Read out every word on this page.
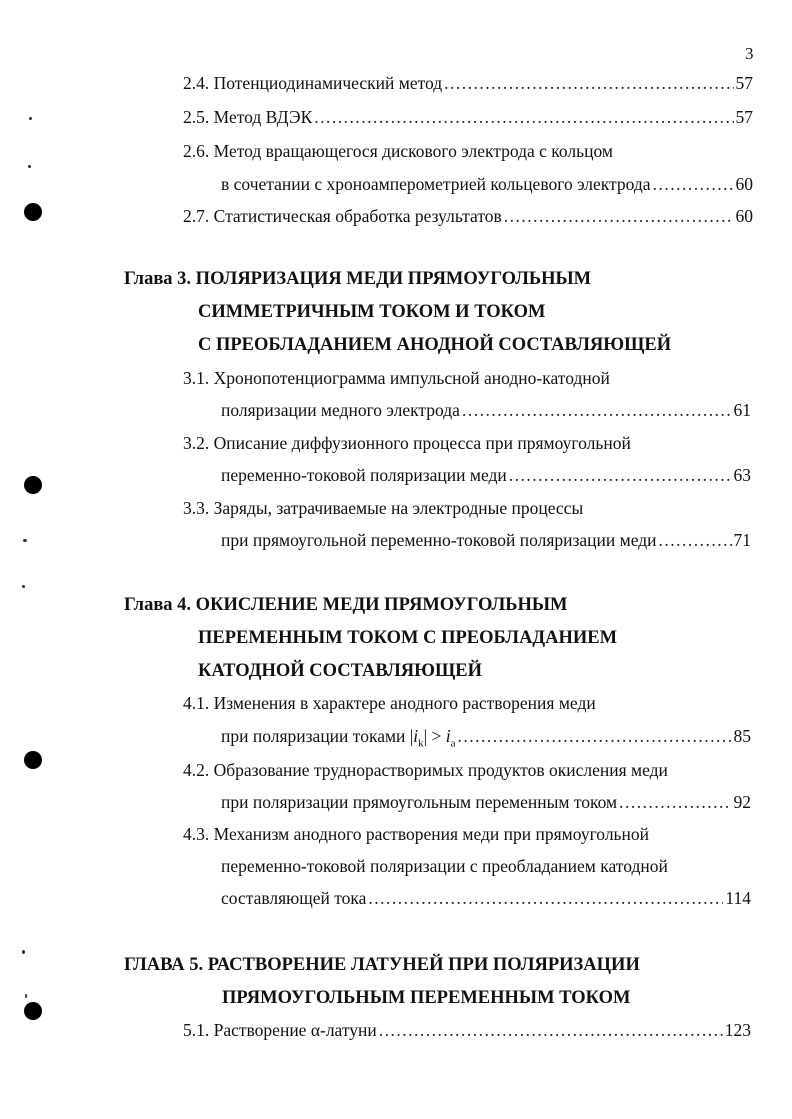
3
2.4. Потенциодинамический метод .....	57
2.5. Метод ВДЭК .....	57
2.6. Метод вращающегося дискового электрода с кольцом
в сочетании с хроноамперометрией кольцевого электрода .....	60
2.7. Статистическая обработка результатов .....	60
Глава 3. ПОЛЯРИЗАЦИЯ МЕДИ ПРЯМОУГОЛЬНЫМ
СИММЕТРИЧНЫМ ТОКОМ И ТОКОМ
С ПРЕОБЛАДАНИЕМ АНОДНОЙ СОСТАВЛЯЮЩЕЙ
3.1. Хронопотенциограмма импульсной анодно-катодной
поляризации медного электрода .....	61
3.2. Описание диффузионного процесса при прямоугольной
переменно-токовой поляризации меди .....	63
3.3. Заряды, затрачиваемые на электродные процессы
при прямоугольной переменно-токовой поляризации меди .....	71
Глава 4. ОКИСЛЕНИЕ МЕДИ ПРЯМОУГОЛЬНЫМ
ПЕРЕМЕННЫМ ТОКОМ С ПРЕОБЛАДАНИЕМ
КАТОДНОЙ СОСТАВЛЯЮЩЕЙ
4.1. Изменения в характере анодного растворения меди
при поляризации токами $|i_k| > i_a$ .....	85
4.2. Образование труднорастворимых продуктов окисления меди
при поляризации прямоугольным переменным током .....	92
4.3. Механизм анодного растворения меди при прямоугольной
переменно-токовой поляризации с преобладанием катодной
составляющей тока .....	114
ГЛАВА 5. РАСТВОРЕНИЕ ЛАТУНЕЙ ПРИ ПОЛЯРИЗАЦИИ
ПРЯМОУГОЛЬНЫМ ПЕРЕМЕННЫМ ТОКОМ
5.1. Растворение α-латуни .....	123
